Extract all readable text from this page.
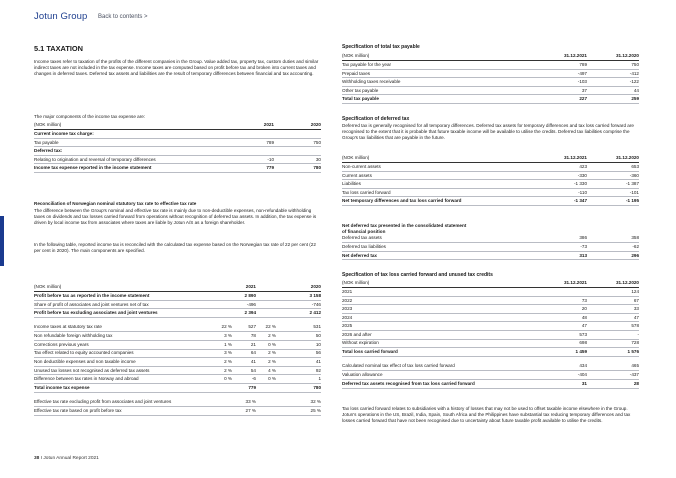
Jotun Group Back to contents >
5.1 TAXATION
Income taxes refer to taxation of the profits of the different companies in the Group. Value added tax, property tax, custom duties and similar indirect taxes are not included in the tax expense. Income taxes are computed based on profit before tax and broken into current taxes and changes in deferred taxes. Deferred tax assets and liabilities are the result of temporary differences between financial and tax accounting.
The major components of the income tax expense are:
(NOK million)	2021	2020
Current income tax charge:		
Tax payable	789	750
Deferred tax:		
Relating to origination and reversal of temporary differences	-10	30
Income tax expense reported in the income statement	779	780
Reconciliation of Norwegian nominal statutory tax rate to effective tax rate
The difference between the Group's nominal and effective tax rate is mainly due to non-deductible expenses, non-refundable withholding taxes on dividends and tax losses carried forward from operations without recognition of deferred tax assets. In addition, the tax expense is driven by local income tax from associates where taxes are liable by Jotun A/S as a foreign shareholder.
In the following table, reported income tax is reconciled with the calculated tax expense based on the Norwegian tax rate of 22 per cent (22 per cent in 2020). The main components are specified.
(NOK million)		2021		2020
Profit before tax as reported in the income statement		2 890		3 158
Share of profit of associates and joint ventures net of tax		-496		-746
Profit before tax excluding associates and joint ventures		2 394		2 412

Income taxes at statutory tax rate	22 %	527	22 %	531
Non refundable foreign withholding tax	3 %	78	2 %	50
Corrections previous years	1 %	21	0 %	10
Tax effect related to equity accounted companies	3 %	64	2 %	56
Non deductible expenses and non taxable income	2 %	41	2 %	41
Unused tax losses not recognised as deferred tax assets	2 %	54	4 %	92
Difference between tax rates in Norway and abroad	0 %	-6	0 %	1
Total income tax expense		779		780

Effective tax rate excluding profit from associates and joint ventures		33 %		32 %
Effective tax rate based on profit before tax		27 %		25 %
Specification of total tax payable
(NOK million)	31.12.2021	31.12.2020
Tax payable for the year	789	750
Prepaid taxes	-497	-412
Withholding taxes receivable	-103	-122
Other tax payable	37	44
Total tax payable	227	259
Specification of deferred tax
Deferred tax is generally recognised for all temporary differences. Deferred tax assets for temporary differences and tax loss carried forward are recognised to the extent that it is probable that future taxable income will be available to utilise the credits. Deferred tax liabilities comprise the Group's tax liabilities that are payable in the future.
(NOK million)	31.12.2021	31.12.2020
Non-current assets	423	653
Current assets	-330	-360
Liabilities	-1 330	-1 387
Tax loss carried forward	-110	-101
Net temporary differences and tax loss carried forward	-1 347	-1 195
Net deferred tax presented in the consolidated statement
of financial position
Deferred tax assets	386	358
Deferred tax liabilities	-73	-62
Net deferred tax	313	296
Specification of tax loss carried forward and unused tax credits
(NOK million)	31.12.2021	31.12.2020
2021		124
2022	73	67
2023	20	33
2024	48	47
2025	47	578
2026 and after	573	-
Without expiration	698	728
Total loss carried forward	1 459	1 576

Calculated nominal tax effect of tax loss carried forward	434	465
Valuation allowance	-404	-437
Deferred tax assets recognised from tax loss carried forward	31	28
Tax loss carried forward relates to subsidiaries with a history of losses that may not be used to offset taxable income elsewhere in the Group. Jotun's operations in the US, Brazil, India, Spain, South Africa and the Philippines have substantial tax reducing temporary differences and tax losses carried forward that have not been recognised due to uncertainty about future taxable profit available to utilise the credits.
38 I Jotun Annual Report 2021
